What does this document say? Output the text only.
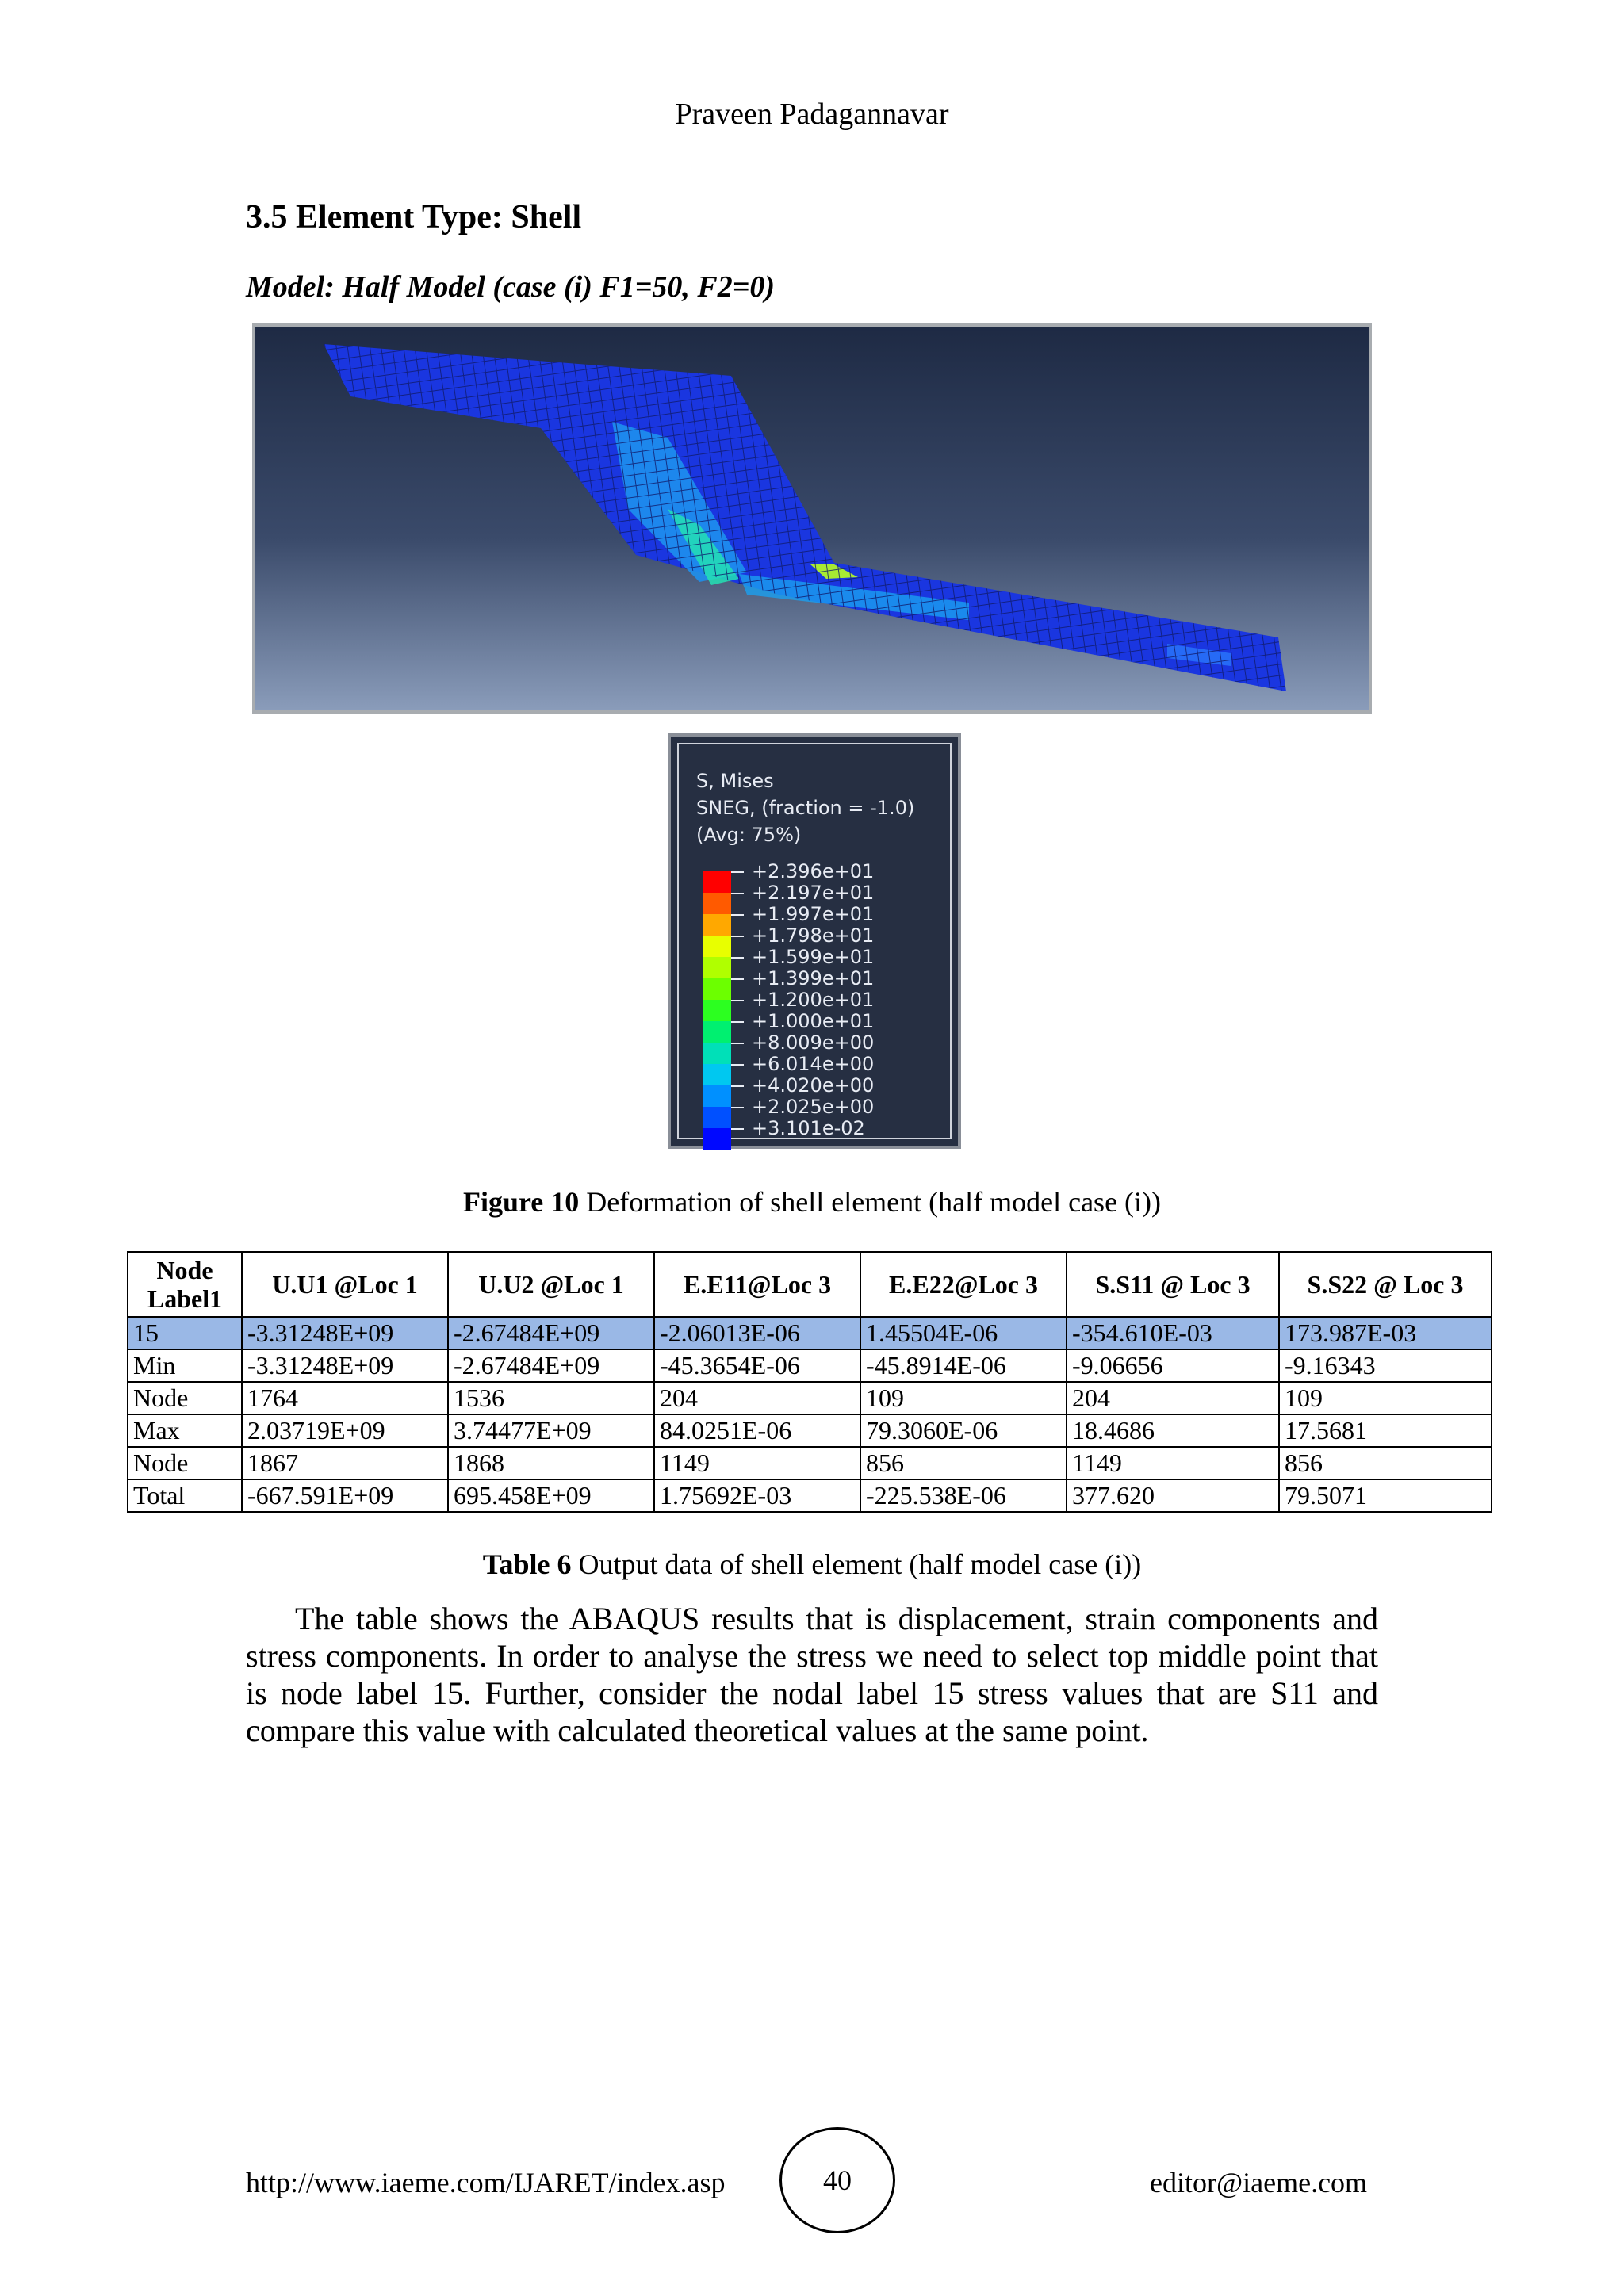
Praveen Padagannavar
3.5 Element Type: Shell
Model: Half Model (case (i) F1=50, F2=0)
S, Mises
SNEG, (fraction = -1.0)
(Avg: 75%)
+2.396e+01
+2.197e+01
+1.997e+01
+1.798e+01
+1.599e+01
+1.399e+01
+1.200e+01
+1.000e+01
+8.009e+00
+6.014e+00
+4.020e+00
+2.025e+00
+3.101e-02
Figure 10 Deformation of shell element (half model case (i))
Node Label1	U.U1 @Loc 1	U.U2 @Loc 1	E.E11@Loc 3	E.E22@Loc 3	S.S11 @ Loc 3	S.S22 @ Loc 3
15	-3.31248E+09	-2.67484E+09	-2.06013E-06	1.45504E-06	-354.610E-03	173.987E-03
Min	-3.31248E+09	-2.67484E+09	-45.3654E-06	-45.8914E-06	-9.06656	-9.16343
Node	1764	1536	204	109	204	109
Max	2.03719E+09	3.74477E+09	84.0251E-06	79.3060E-06	18.4686	17.5681
Node	1867	1868	1149	856	1149	856
Total	-667.591E+09	695.458E+09	1.75692E-03	-225.538E-06	377.620	79.5071
Table 6 Output data of shell element (half model case (i))
The table shows the ABAQUS results that is displacement, strain components and stress components. In order to analyse the stress we need to select top middle point that is node label 15. Further, consider the nodal label 15 stress values that are S11 and compare this value with calculated theoretical values at the same point.
http://www.iaeme.com/IJARET/index.asp	40	editor@iaeme.com
